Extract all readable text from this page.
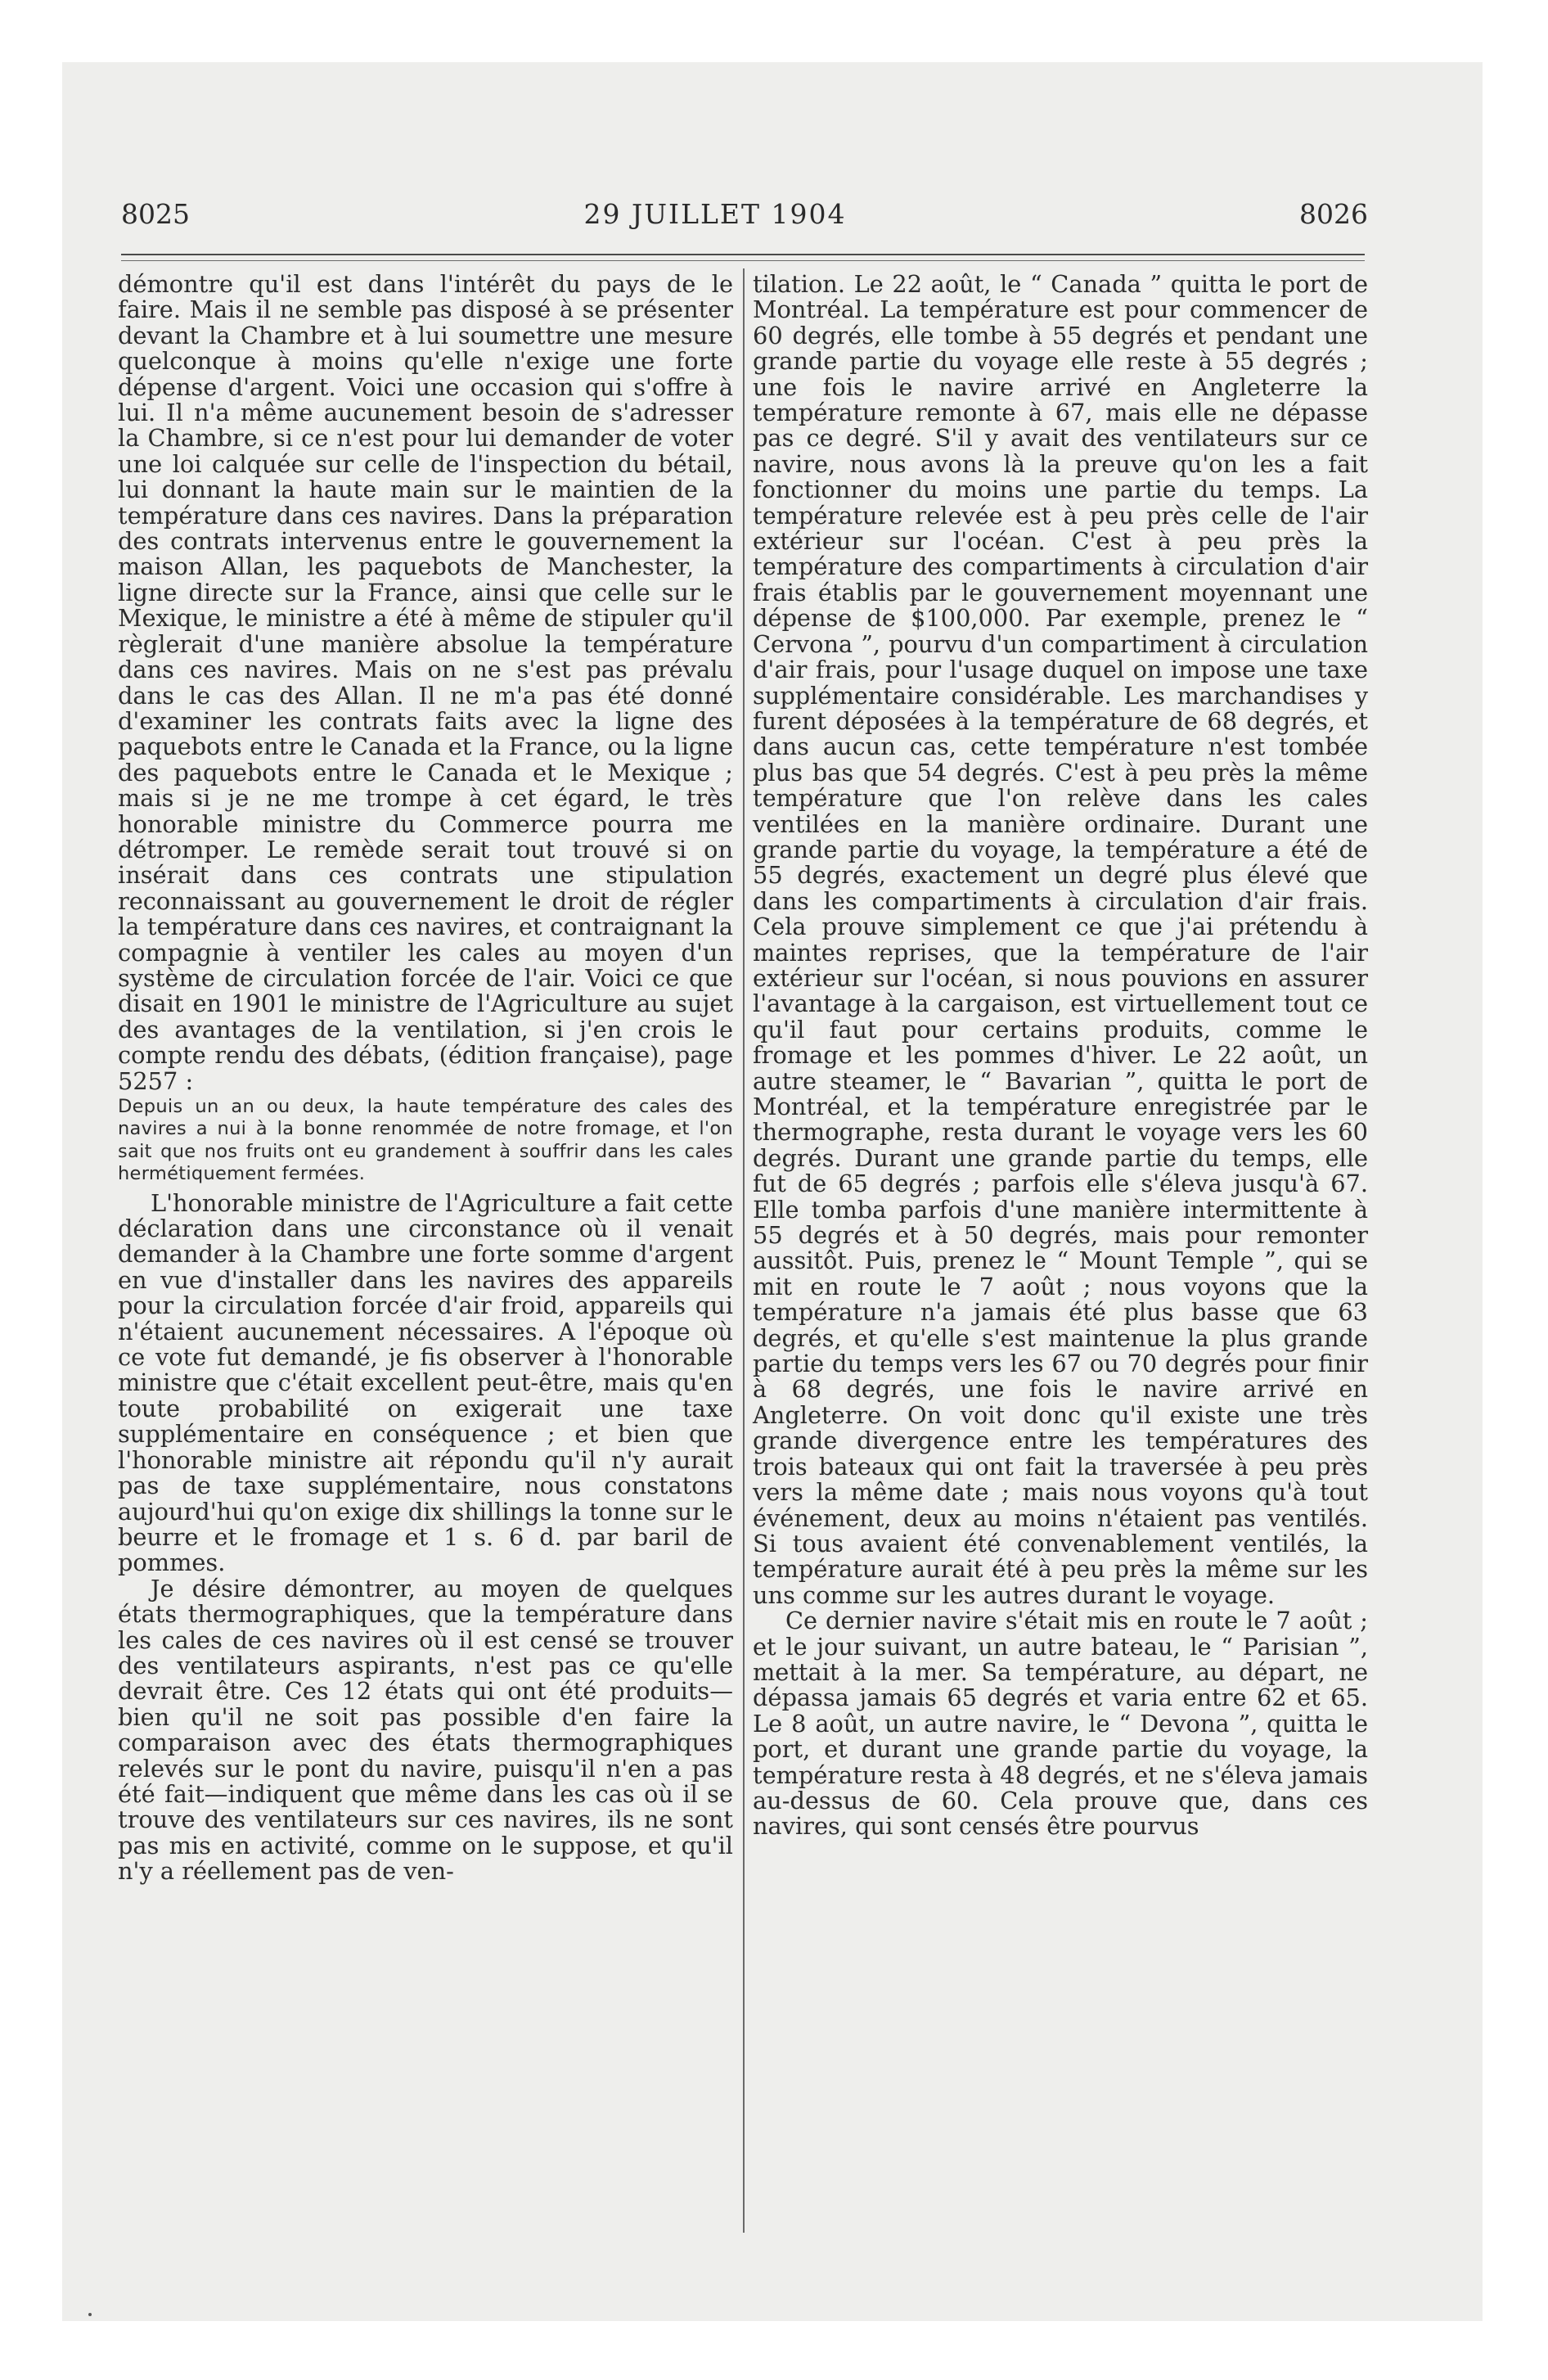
8025	29 JUILLET 1904	8026

démontre qu'il est dans l'intérêt du pays de le faire. Mais il ne semble pas disposé à se présenter devant la Chambre et à lui soumettre une mesure quelconque à moins qu'elle n'exige une forte dépense d'argent. Voici une occasion qui s'offre à lui. Il n'a même aucunement besoin de s'adresser la Chambre, si ce n'est pour lui demander de voter une loi calquée sur celle de l'inspection du bétail, lui donnant la haute main sur le maintien de la température dans ces navires. Dans la préparation des contrats intervenus entre le gouvernement la maison Allan, les paquebots de Manchester, la ligne directe sur la France, ainsi que celle sur le Mexique, le ministre a été à même de stipuler qu'il règlerait d'une manière absolue la température dans ces navires. Mais on ne s'est pas prévalu dans le cas des Allan. Il ne m'a pas été donné d'examiner les contrats faits avec la ligne des paquebots entre le Canada et la France, ou la ligne des paquebots entre le Canada et le Mexique ; mais si je ne me trompe à cet égard, le très honorable ministre du Commerce pourra me détromper. Le remède serait tout trouvé si on insérait dans ces contrats une stipulation reconnaissant au gouvernement le droit de régler la température dans ces navires, et contraignant la compagnie à ventiler les cales au moyen d'un système de circulation forcée de l'air. Voici ce que disait en 1901 le ministre de l'Agriculture au sujet des avantages de la ventilation, si j'en crois le compte rendu des débats, (édition française), page 5257 :

Depuis un an ou deux, la haute température des cales des navires a nui à la bonne renommée de notre fromage, et l'on sait que nos fruits ont eu grandement à souffrir dans les cales hermétiquement fermées.

L'honorable ministre de l'Agriculture a fait cette déclaration dans une circonstance où il venait demander à la Chambre une forte somme d'argent en vue d'installer dans les navires des appareils pour la circulation forcée d'air froid, appareils qui n'étaient aucunement nécessaires. A l'époque où ce vote fut demandé, je fis observer à l'honorable ministre que c'était excellent peut-être, mais qu'en toute probabilité on exigerait une taxe supplémentaire en conséquence ; et bien que l'honorable ministre ait répondu qu'il n'y aurait pas de taxe supplémentaire, nous constatons aujourd'hui qu'on exige dix shillings la tonne sur le beurre et le fromage et 1 s. 6 d. par baril de pommes.

Je désire démontrer, au moyen de quelques états thermographiques, que la température dans les cales de ces navires où il est censé se trouver des ventilateurs aspirants, n'est pas ce qu'elle devrait être. Ces 12 états qui ont été produits—bien qu'il ne soit pas possible d'en faire la comparaison avec des états thermographiques relevés sur le pont du navire, puisqu'il n'en a pas été fait—indiquent que même dans les cas où il se trouve des ventilateurs sur ces navires, ils ne sont pas mis en activité, comme on le suppose, et qu'il n'y a réellement pas de ven-

tilation. Le 22 août, le “ Canada ” quitta le port de Montréal. La température est pour commencer de 60 degrés, elle tombe à 55 degrés et pendant une grande partie du voyage elle reste à 55 degrés ; une fois le navire arrivé en Angleterre la température remonte à 67, mais elle ne dépasse pas ce degré. S'il y avait des ventilateurs sur ce navire, nous avons là la preuve qu'on les a fait fonctionner du moins une partie du temps. La température relevée est à peu près celle de l'air extérieur sur l'océan. C'est à peu près la température des compartiments à circulation d'air frais établis par le gouvernement moyennant une dépense de $100,000. Par exemple, prenez le “ Cervona ”, pourvu d'un compartiment à circulation d'air frais, pour l'usage duquel on impose une taxe supplémentaire considérable. Les marchandises y furent déposées à la température de 68 degrés, et dans aucun cas, cette température n'est tombée plus bas que 54 degrés. C'est à peu près la même température que l'on relève dans les cales ventilées en la manière ordinaire. Durant une grande partie du voyage, la température a été de 55 degrés, exactement un degré plus élevé que dans les compartiments à circulation d'air frais. Cela prouve simplement ce que j'ai prétendu à maintes reprises, que la température de l'air extérieur sur l'océan, si nous pouvions en assurer l'avantage à la cargaison, est virtuellement tout ce qu'il faut pour certains produits, comme le fromage et les pommes d'hiver. Le 22 août, un autre steamer, le “ Bavarian ”, quitta le port de Montréal, et la température enregistrée par le thermographe, resta durant le voyage vers les 60 degrés. Durant une grande partie du temps, elle fut de 65 degrés ; parfois elle s'éleva jusqu'à 67. Elle tomba parfois d'une manière intermittente à 55 degrés et à 50 degrés, mais pour remonter aussitôt. Puis, prenez le “ Mount Temple ”, qui se mit en route le 7 août ; nous voyons que la température n'a jamais été plus basse que 63 degrés, et qu'elle s'est maintenue la plus grande partie du temps vers les 67 ou 70 degrés pour finir à 68 degrés, une fois le navire arrivé en Angleterre. On voit donc qu'il existe une très grande divergence entre les températures des trois bateaux qui ont fait la traversée à peu près vers la même date ; mais nous voyons qu'à tout événement, deux au moins n'étaient pas ventilés. Si tous avaient été convenablement ventilés, la température aurait été à peu près la même sur les uns comme sur les autres durant le voyage.

Ce dernier navire s'était mis en route le 7 août ; et le jour suivant, un autre bateau, le “ Parisian ”, mettait à la mer. Sa température, au départ, ne dépassa jamais 65 degrés et varia entre 62 et 65. Le 8 août, un autre navire, le “ Devona ”, quitta le port, et durant une grande partie du voyage, la température resta à 48 degrés, et ne s'éleva jamais au-dessus de 60. Cela prouve que, dans ces navires, qui sont censés être pourvus
